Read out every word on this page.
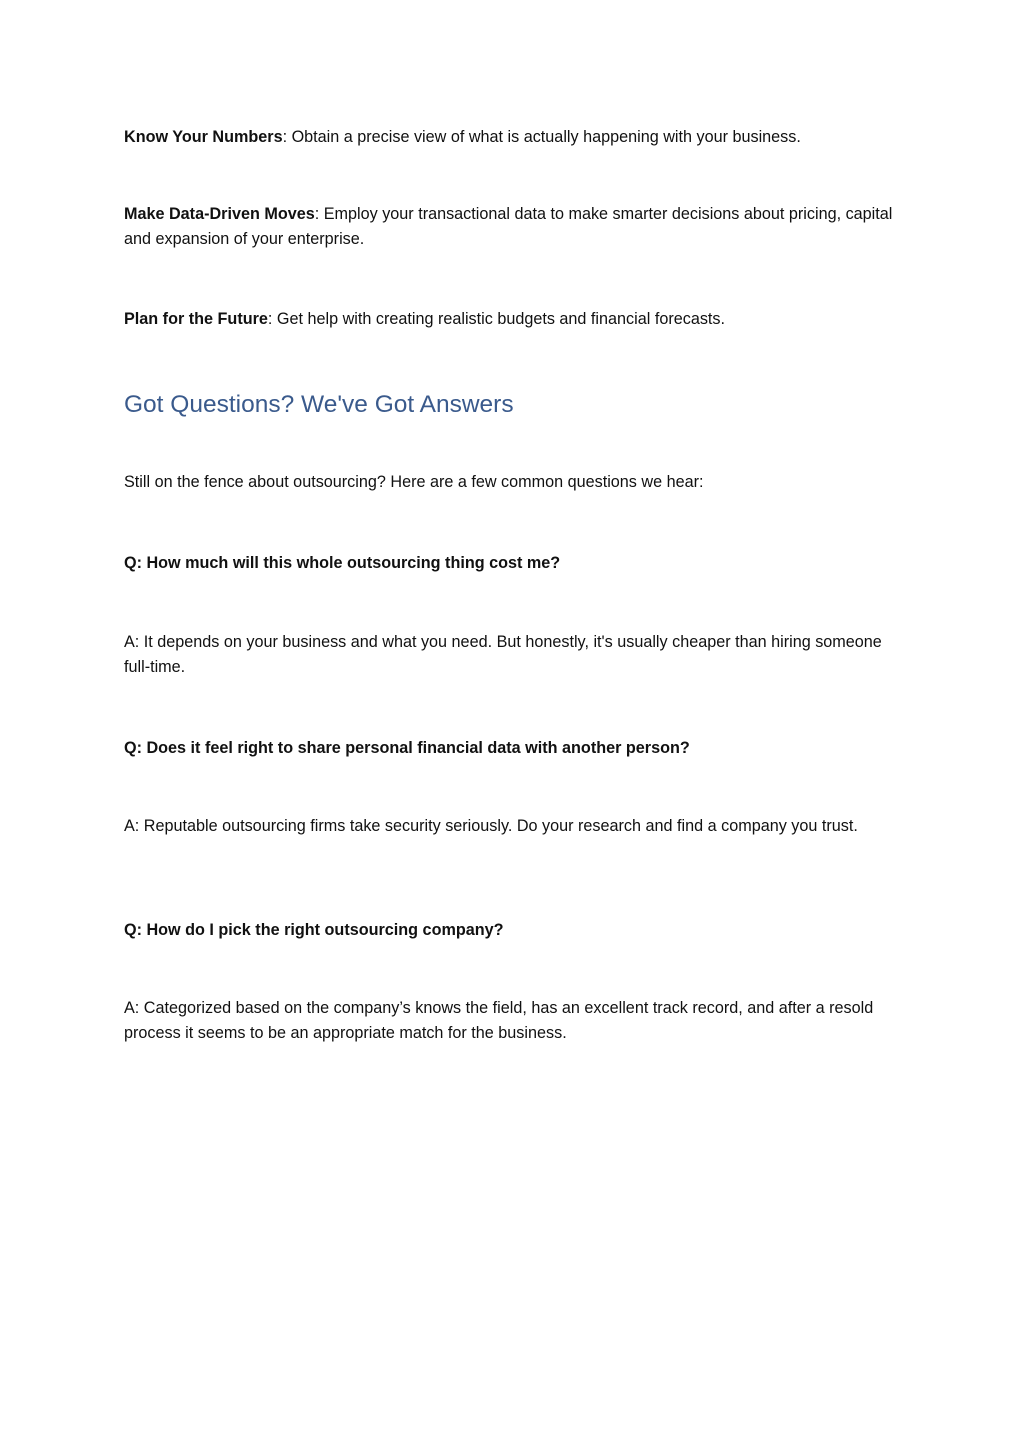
Know Your Numbers: Obtain a precise view of what is actually happening with your business.

Make Data-Driven Moves: Employ your transactional data to make smarter decisions about pricing, capital and expansion of your enterprise.

Plan for the Future: Get help with creating realistic budgets and financial forecasts.

Got Questions? We've Got Answers

Still on the fence about outsourcing? Here are a few common questions we hear:

Q: How much will this whole outsourcing thing cost me?

A: It depends on your business and what you need. But honestly, it's usually cheaper than hiring someone full-time.

Q: Does it feel right to share personal financial data with another person?

A: Reputable outsourcing firms take security seriously. Do your research and find a company you trust.

Q: How do I pick the right outsourcing company?

A: Categorized based on the company’s knows the field, has an excellent track record, and after a resold process it seems to be an appropriate match for the business.
